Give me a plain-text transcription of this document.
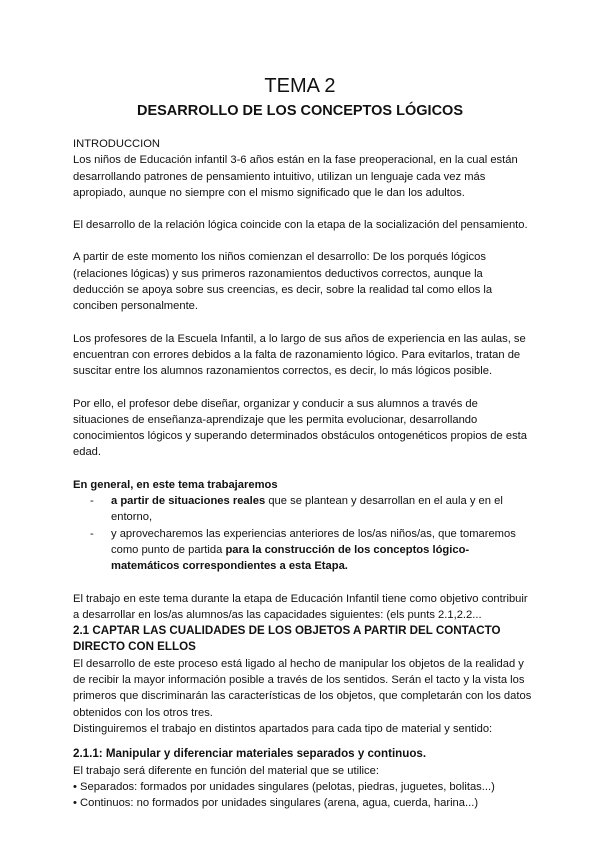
TEMA 2
DESARROLLO DE LOS CONCEPTOS LÓGICOS

INTRODUCCION

Los niños de Educación infantil 3-6 años están en la fase preoperacional, en la cual están desarrollando patrones de pensamiento intuitivo, utilizan un lenguaje cada vez más apropiado, aunque no siempre con el mismo significado que le dan los adultos.

El desarrollo de la relación lógica coincide con la etapa de la socialización del pensamiento.

A partir de este momento los niños comienzan el desarrollo: De los porqués lógicos (relaciones lógicas) y sus primeros razonamientos deductivos correctos, aunque la deducción se apoya sobre sus creencias, es decir, sobre la realidad tal como ellos la conciben personalmente.

Los profesores de la Escuela Infantil, a lo largo de sus años de experiencia en las aulas, se encuentran con errores debidos a la falta de razonamiento lógico. Para evitarlos, tratan de suscitar entre los alumnos razonamientos correctos, es decir, lo más lógicos posible.

Por ello, el profesor debe diseñar, organizar y conducir a sus alumnos a través de situaciones de enseñanza-aprendizaje que les permita evolucionar, desarrollando conocimientos lógicos y superando determinados obstáculos ontogenéticos propios de esta edad.

En general, en este tema trabajaremos

- a partir de situaciones reales que se plantean y desarrollan en el aula y en el entorno,
- y aprovecharemos las experiencias anteriores de los/as niños/as, que tomaremos como punto de partida para la construcción de los conceptos lógico-matemáticos correspondientes a esta Etapa.

El trabajo en este tema durante la etapa de Educación Infantil tiene como objetivo contribuir a desarrollar en los/as alumnos/as las capacidades siguientes: (els punts 2.1,2.2...

2.1 CAPTAR LAS CUALIDADES DE LOS OBJETOS A PARTIR DEL CONTACTO DIRECTO CON ELLOS

El desarrollo de este proceso está ligado al hecho de manipular los objetos de la realidad y de recibir la mayor información posible a través de los sentidos. Serán el tacto y la vista los primeros que discriminarán las características de los objetos, que completarán con los datos obtenidos con los otros tres.

Distinguiremos el trabajo en distintos apartados para cada tipo de material y sentido:

2.1.1: Manipular y diferenciar materiales separados y continuos.

El trabajo será diferente en función del material que se utilice:

• Separados: formados por unidades singulares (pelotas, piedras, juguetes, bolitas...)

• Continuos: no formados por unidades singulares (arena, agua, cuerda, harina...)
